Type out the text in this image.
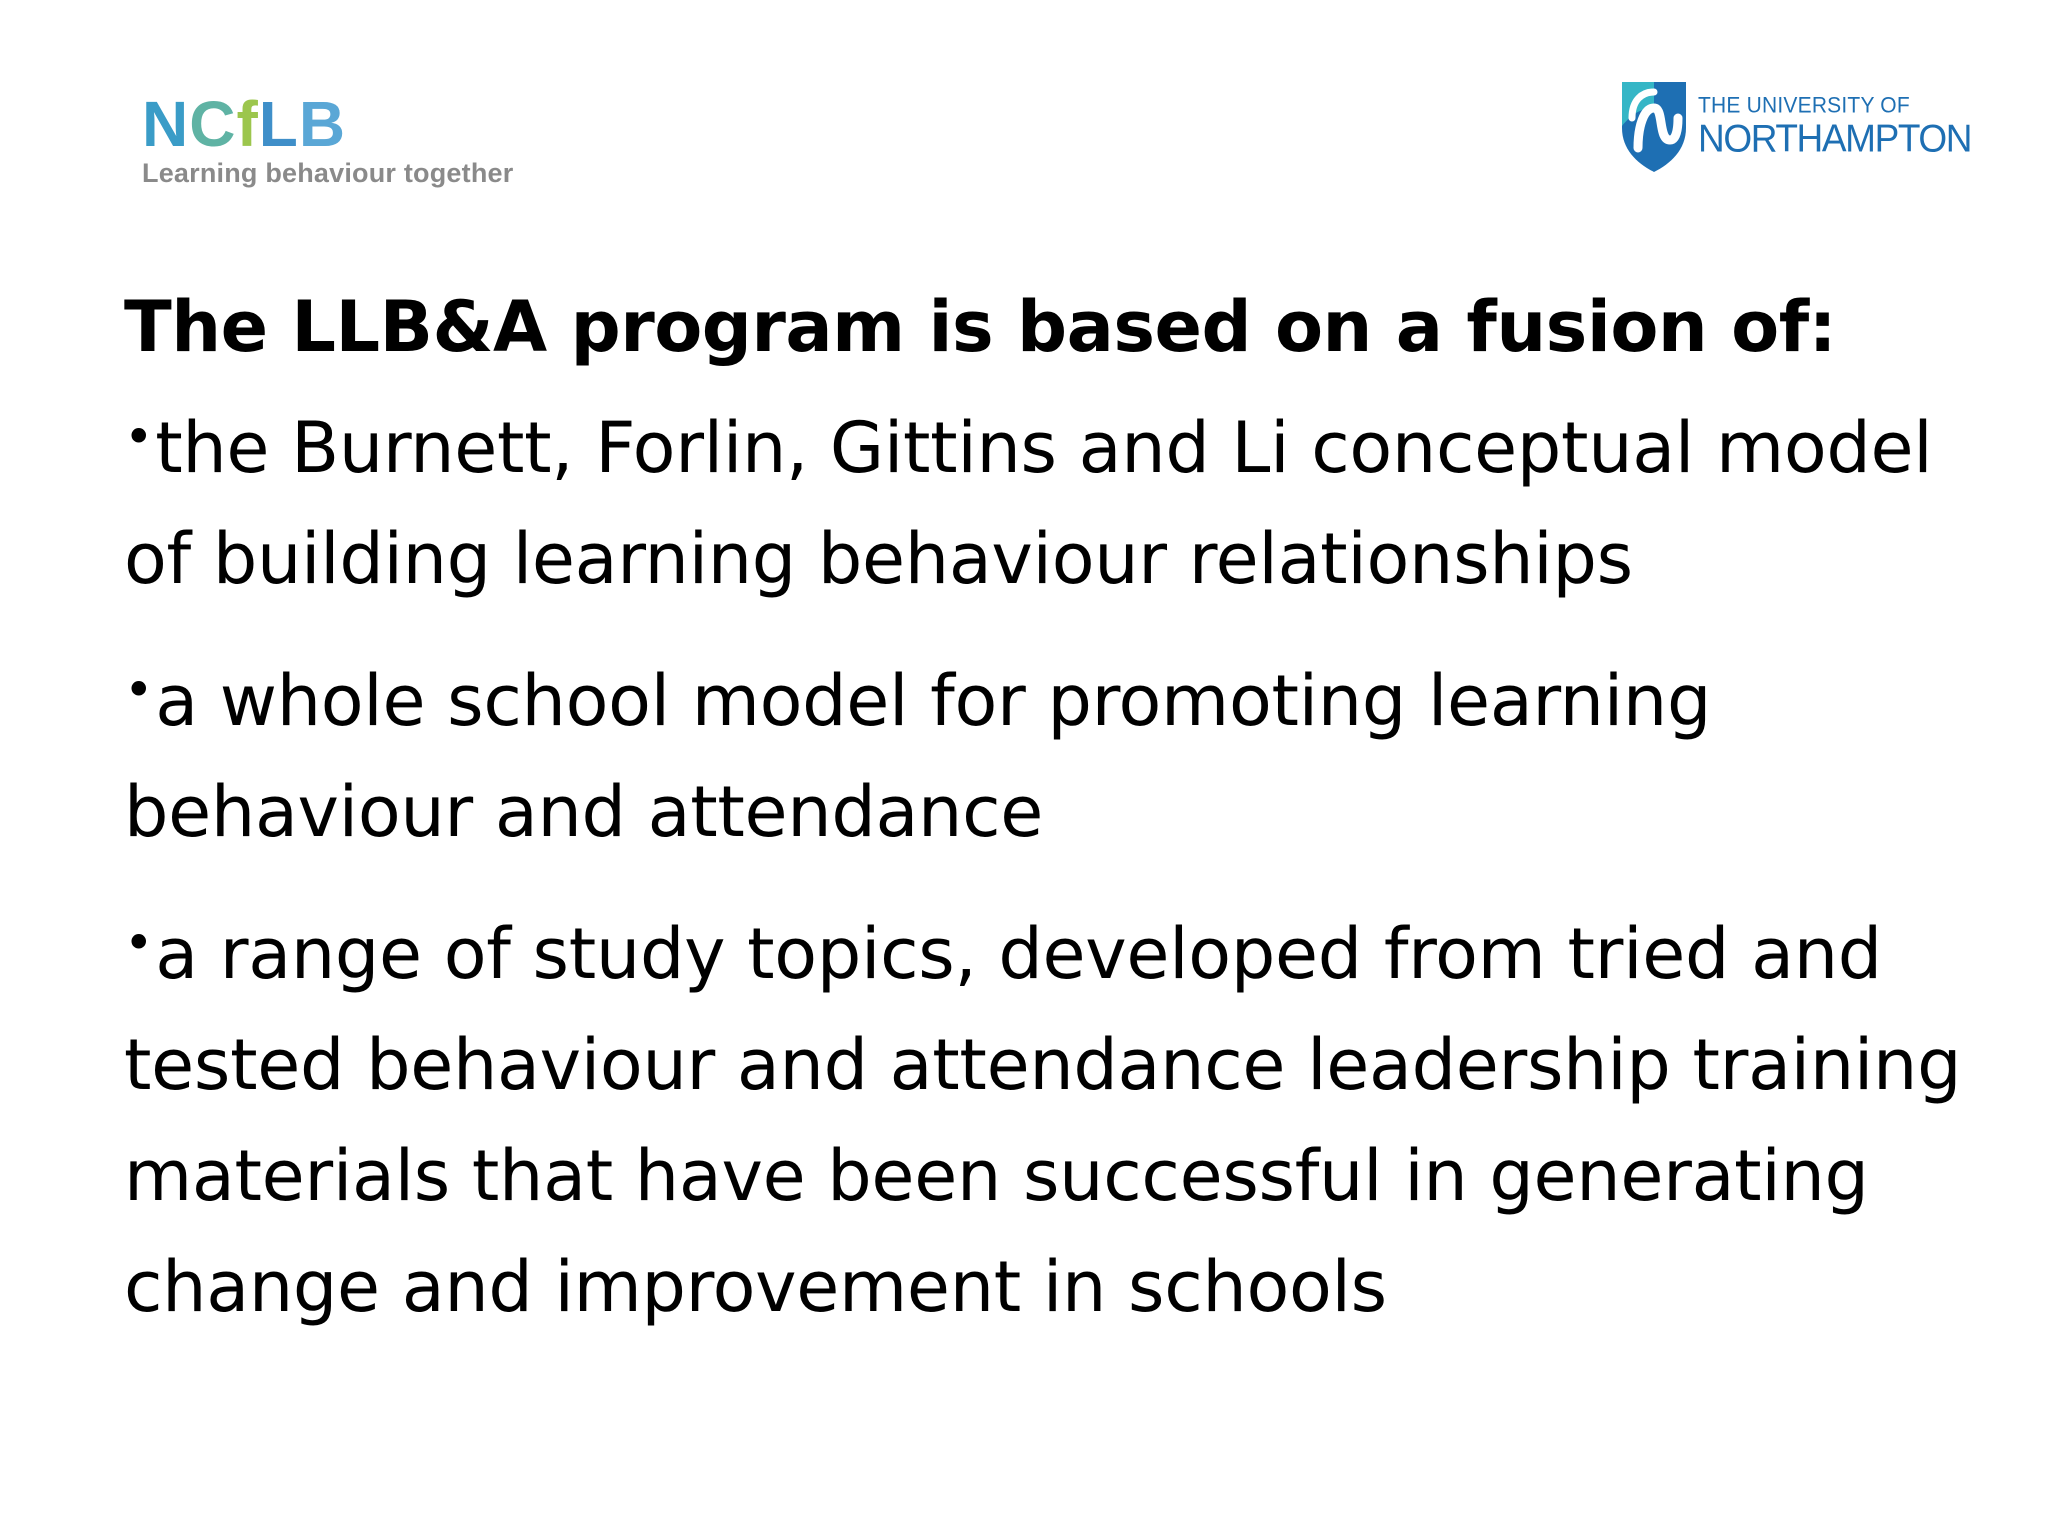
NCfLB
Learning behaviour together
THE UNIVERSITY OF
NORTHAMPTON
The LLB&A program is based on a fusion of:
•the Burnett, Forlin, Gittins and Li conceptual model of building learning behaviour relationships
•a whole school model for promoting learning behaviour and attendance
•a range of study topics, developed from tried and tested behaviour and attendance leadership training materials that have been successful in generating change and improvement in schools
